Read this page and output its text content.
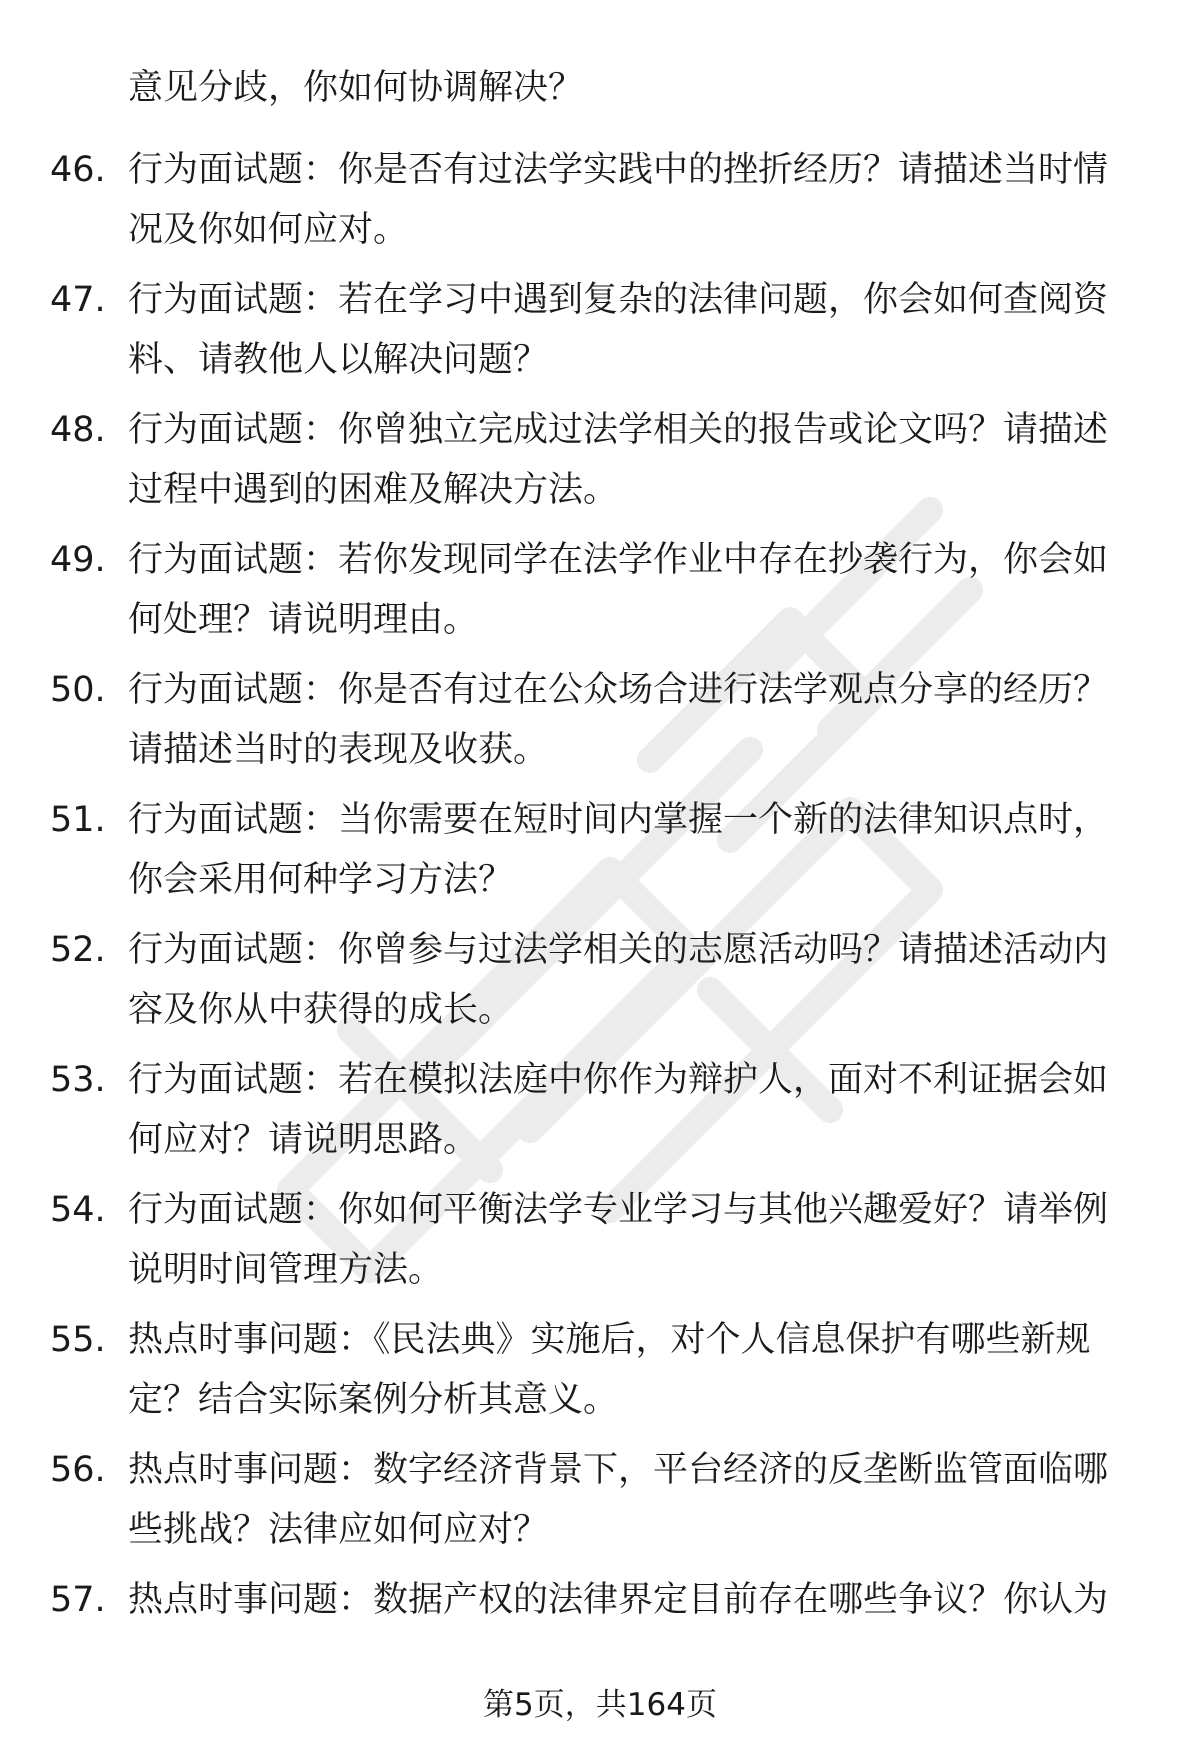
意见分歧，你如何协调解决？
46. 行为面试题：你是否有过法学实践中的挫折经历？请描述当时情
况及你如何应对。
47. 行为面试题：若在学习中遇到复杂的法律问题，你会如何查阅资
料、请教他人以解决问题？
48. 行为面试题：你曾独立完成过法学相关的报告或论文吗？请描述
过程中遇到的困难及解决方法。
49. 行为面试题：若你发现同学在法学作业中存在抄袭行为，你会如
何处理？请说明理由。
50. 行为面试题：你是否有过在公众场合进行法学观点分享的经历？
请描述当时的表现及收获。
51. 行为面试题：当你需要在短时间内掌握一个新的法律知识点时，
你会采用何种学习方法？
52. 行为面试题：你曾参与过法学相关的志愿活动吗？请描述活动内
容及你从中获得的成长。
53. 行为面试题：若在模拟法庭中你作为辩护人，面对不利证据会如
何应对？请说明思路。
54. 行为面试题：你如何平衡法学专业学习与其他兴趣爱好？请举例
说明时间管理方法。
55. 热点时事问题：《民法典》实施后，对个人信息保护有哪些新规
定？结合实际案例分析其意义。
56. 热点时事问题：数字经济背景下，平台经济的反垄断监管面临哪
些挑战？法律应如何应对？
57. 热点时事问题：数据产权的法律界定目前存在哪些争议？你认为
第5页，共164页
